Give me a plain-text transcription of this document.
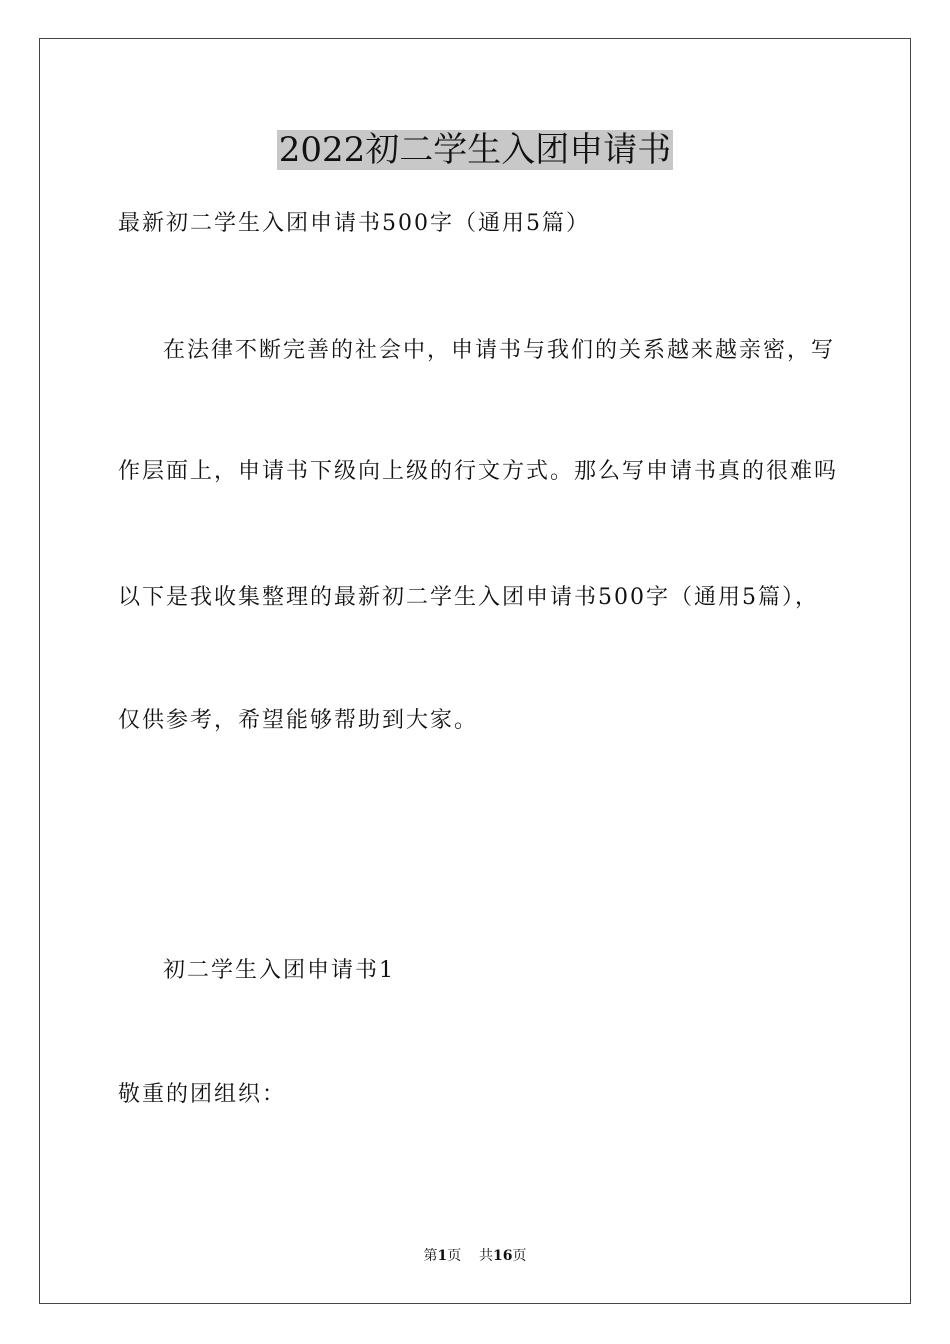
2022初二学生入团申请书
最新初二学生入团申请书500字（通用5篇）
在法律不断完善的社会中，申请书与我们的关系越来越亲密，写
作层面上，申请书下级向上级的行文方式。那么写申请书真的很难吗
以下是我收集整理的最新初二学生入团申请书500字（通用5篇），
仅供参考，希望能够帮助到大家。
初二学生入团申请书1
敬重的团组织：
第1页 共16页
